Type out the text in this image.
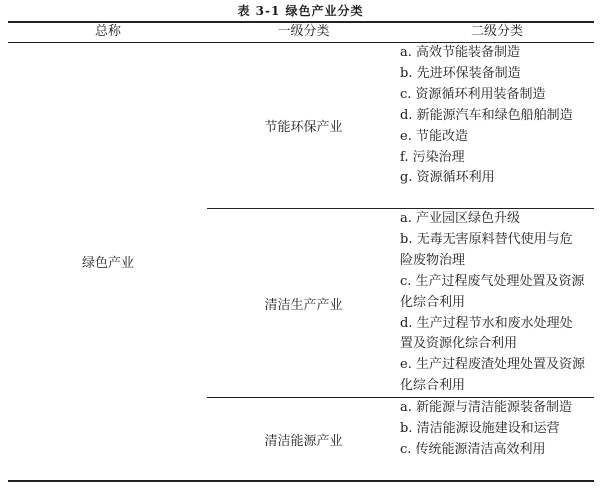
表 3-1 绿色产业分类
总称	一级分类	二级分类
绿色产业
节能环保产业
清洁生产产业
清洁能源产业
a. 高效节能装备制造
b. 先进环保装备制造
c. 资源循环利用装备制造
d. 新能源汽车和绿色船舶制造
e. 节能改造
f. 污染治理
g. 资源循环利用
a. 产业园区绿色升级
b. 无毒无害原料替代使用与危险废物治理
c. 生产过程废气处理处置及资源化综合利用
d. 生产过程节水和废水处理处置及资源化综合利用
e. 生产过程废渣处理处置及资源化综合利用
a. 新能源与清洁能源装备制造
b. 清洁能源设施建设和运营
c. 传统能源清洁高效利用
